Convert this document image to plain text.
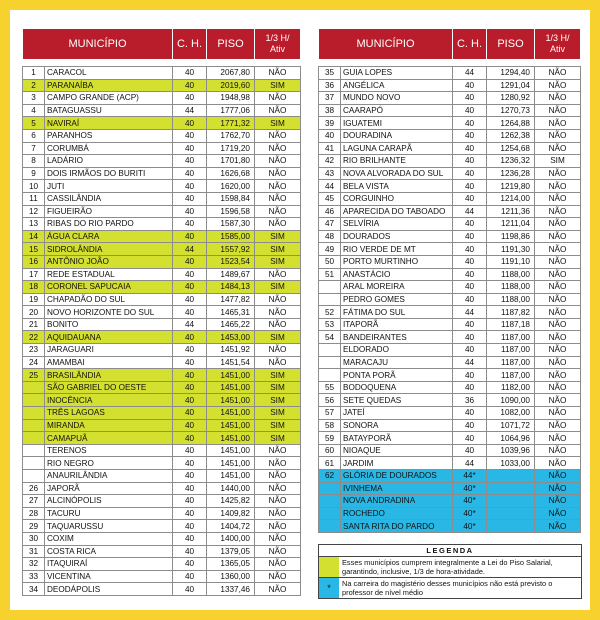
MUNICÍPIO		C. H.	PISO	1/3 H/
Ativ

1	CARACOL	40	2067,80	NÃO
2	PARANAÍBA	40	2019,60	SIM
3	CAMPO GRANDE (ACP)	40	1948,98	NÃO
4	BATAGUASSU	44	1777,06	NÃO
5	NAVIRAÍ	40	1771,32	SIM
6	PARANHOS	40	1762,70	NÃO
7	CORUMBÁ	40	1719,20	NÃO
8	LADÁRIO	40	1701,80	NÃO
9	DOIS IRMÃOS DO BURITI	40	1626,68	NÃO
10	JUTI	40	1620,00	NÃO
11	CASSILÂNDIA	40	1598,84	NÃO
12	FIGUEIRÃO	40	1596,58	NÃO
13	RIBAS DO RIO PARDO	40	1587,30	NÃO
14	ÁGUA CLARA	40	1585,00	SIM
15	SIDROLÂNDIA	44	1557,92	SIM
16	ANTÔNIO JOÃO	40	1523,54	SIM
17	REDE ESTADUAL	40	1489,67	NÃO
18	CORONEL SAPUCAIA	40	1484,13	SIM
19	CHAPADÃO DO SUL	40	1477,82	NÃO
20	NOVO HORIZONTE DO SUL	40	1465,31	NÃO
21	BONITO	44	1465,22	NÃO
22	AQUIDAUANA	40	1453,00	SIM
23	JARAGUARI	40	1451,92	NÃO
24	AMAMBAI	40	1451,54	NÃO
25	BRASILÂNDIA	40	1451,00	SIM
	SÃO GABRIEL DO OESTE	40	1451,00	SIM
	INOCÊNCIA	40	1451,00	SIM
	TRÊS LAGOAS	40	1451,00	SIM
	MIRANDA	40	1451,00	SIM
	CAMAPUÃ	40	1451,00	SIM
	TERENOS	40	1451,00	NÃO
	RIO NEGRO	40	1451,00	NÃO
	ANAURILÂNDIA	40	1451,00	NÃO
26	JAPORÃ	40	1440,00	NÃO
27	ALCINÓPOLIS	40	1425,82	NÃO
28	TACURU	40	1409,82	NÃO
29	TAQUARUSSU	40	1404,72	NÃO
30	COXIM	40	1400,00	NÃO
31	COSTA RICA	40	1379,05	NÃO
32	ITAQUIRAÍ	40	1365,05	NÃO
33	VICENTINA	40	1360,00	NÃO
34	DEODÁPOLIS	40	1337,46	NÃO
MUNICÍPIO		C. H.	PISO	1/3 H/
Ativ

35	GUIA LOPES	44	1294,40	NÃO
36	ANGÉLICA	40	1291,04	NÃO
37	MUNDO NOVO	40	1280,92	NÃO
38	CAARAPÓ	40	1270,73	NÃO
39	IGUATEMI	40	1264,88	NÃO
40	DOURADINA	40	1262,38	NÃO
41	LAGUNA CARAPÃ	40	1254,68	NÃO
42	RIO BRILHANTE	40	1236,32	SIM
43	NOVA ALVORADA DO SUL	40	1236,28	NÃO
44	BELA VISTA	40	1219,80	NÃO
45	CORGUINHO	40	1214,00	NÃO
46	APARECIDA DO TABOADO	44	1211,36	NÃO
47	SELVÍRIA	40	1211,04	NÃO
48	DOURADOS	40	1198,86	NÃO
49	RIO VERDE DE MT	40	1191,30	NÃO
50	PORTO MURTINHO	40	1191,10	NÃO
51	ANASTÁCIO	40	1188,00	NÃO
	ARAL MOREIRA	40	1188,00	NÃO
	PEDRO GOMES	40	1188,00	NÃO
52	FÁTIMA DO SUL	44	1187,82	NÃO
53	ITAPORÃ	40	1187,18	NÃO
54	BANDEIRANTES	40	1187,00	NÃO
	ELDORADO	40	1187,00	NÃO
	MARACAJU	44	1187,00	NÃO
	PONTA PORÃ	40	1187,00	NÃO
55	BODOQUENA	40	1182,00	NÃO
56	SETE QUEDAS	36	1090,00	NÃO
57	JATEÍ	40	1082,00	NÃO
58	SONORA	40	1071,72	NÃO
59	BATAYPORÃ	40	1064,96	NÃO
60	NIOAQUE	40	1039,96	NÃO
61	JARDIM	44	1033,00	NÃO
62	GLÓRIA DE DOURADOS	44*		NÃO
	IVINHEMA	40*		NÃO
	NOVA ANDRADINA	40*		NÃO
	ROCHEDO	40*		NÃO
	SANTA RITA DO PARDO	40*		NÃO
LEGENDA
Esses municípios cumprem integralmente a Lei do Piso Salarial, garantindo, inclusive, 1/3 de hora-atividade.
*	Na carreira do magistério desses municípios não está previsto o professor de nível médio
